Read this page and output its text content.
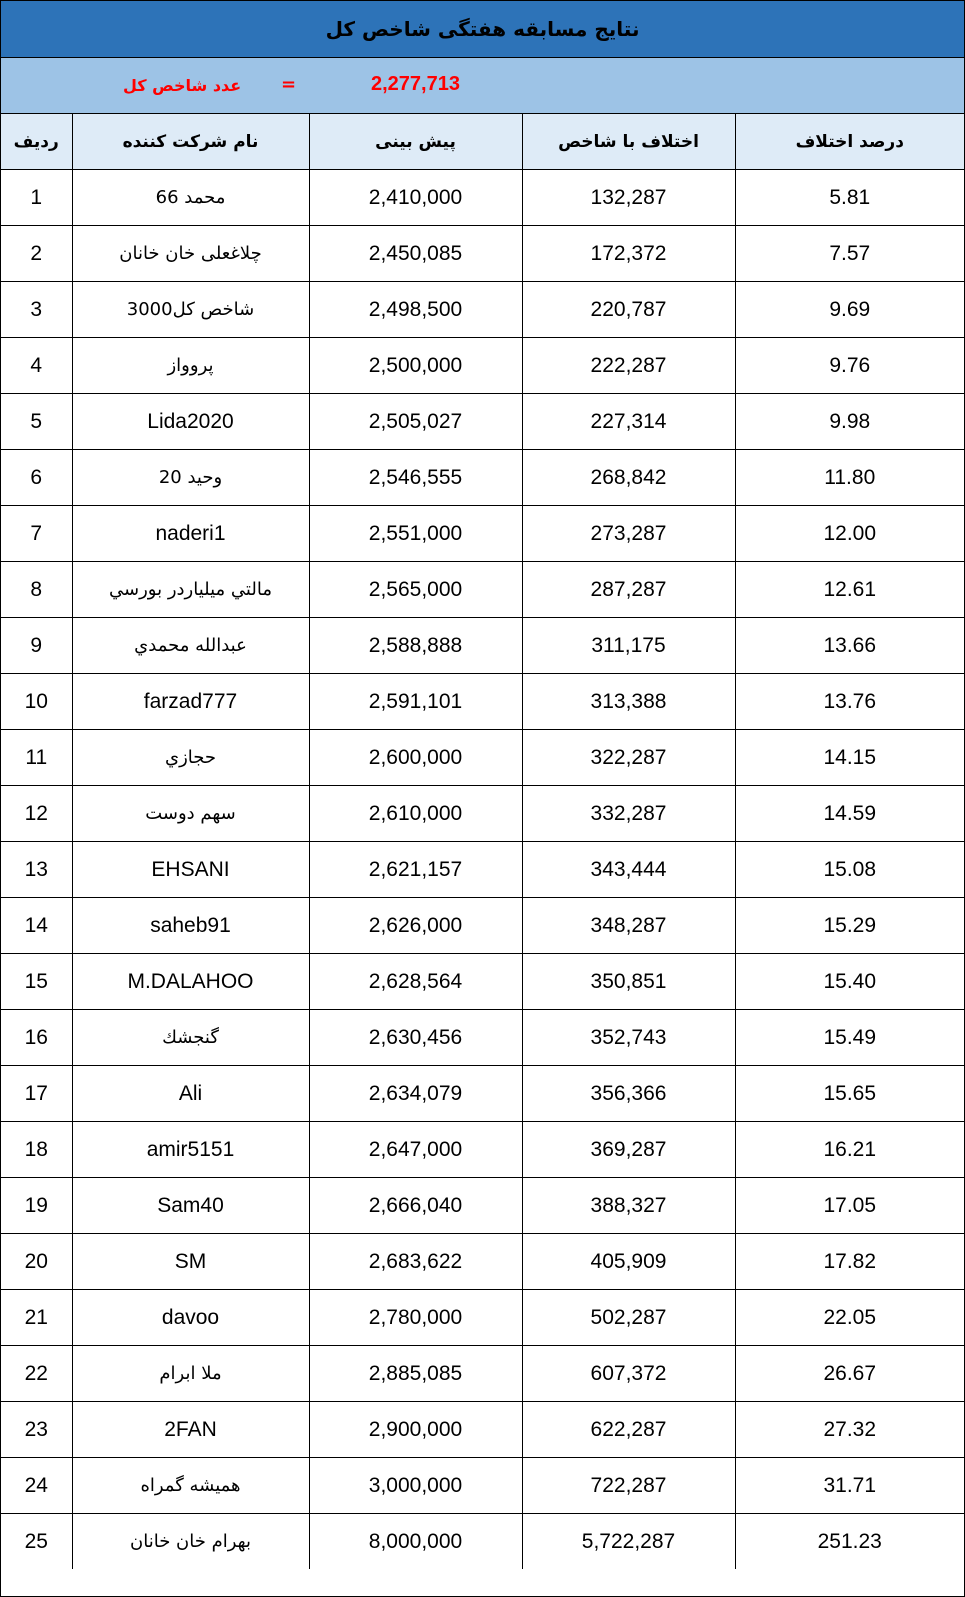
نتایج مسابقه هفتگی شاخص کل
2,277,713
=
عدد شاخص کل
ردیف	نام شرکت کننده	پیش بینی	اختلاف با شاخص	درصد اختلاف
1	محمد 66	2,410,000	132,287	5.81
2	چلاغعلی خان خانان	2,450,085	172,372	7.57
3	شاخص کل3000	2,498,500	220,787	9.69
4	پروواز	2,500,000	222,287	9.76
5	Lida2020	2,505,027	227,314	9.98
6	وحید 20	2,546,555	268,842	11.80
7	naderi1	2,551,000	273,287	12.00
8	مالتي ميليارد‌ر بورسي	2,565,000	287,287	12.61
9	عبدالله محمدي	2,588,888	311,175	13.66
10	farzad777	2,591,101	313,388	13.76
11	حجازي	2,600,000	322,287	14.15
12	سهم دوست	2,610,000	332,287	14.59
13	EHSANI	2,621,157	343,444	15.08
14	saheb91	2,626,000	348,287	15.29
15	M.DALAHOO	2,628,564	350,851	15.40
16	گنجشك	2,630,456	352,743	15.49
17	Ali	2,634,079	356,366	15.65
18	amir5151	2,647,000	369,287	16.21
19	Sam40	2,666,040	388,327	17.05
20	SM	2,683,622	405,909	17.82
21	davoo	2,780,000	502,287	22.05
22	ملا ابرام	2,885,085	607,372	26.67
23	2FAN	2,900,000	622,287	27.32
24	همیشه گمراه	3,000,000	722,287	31.71
25	بهرام خان خانان	8,000,000	5,722,287	251.23
